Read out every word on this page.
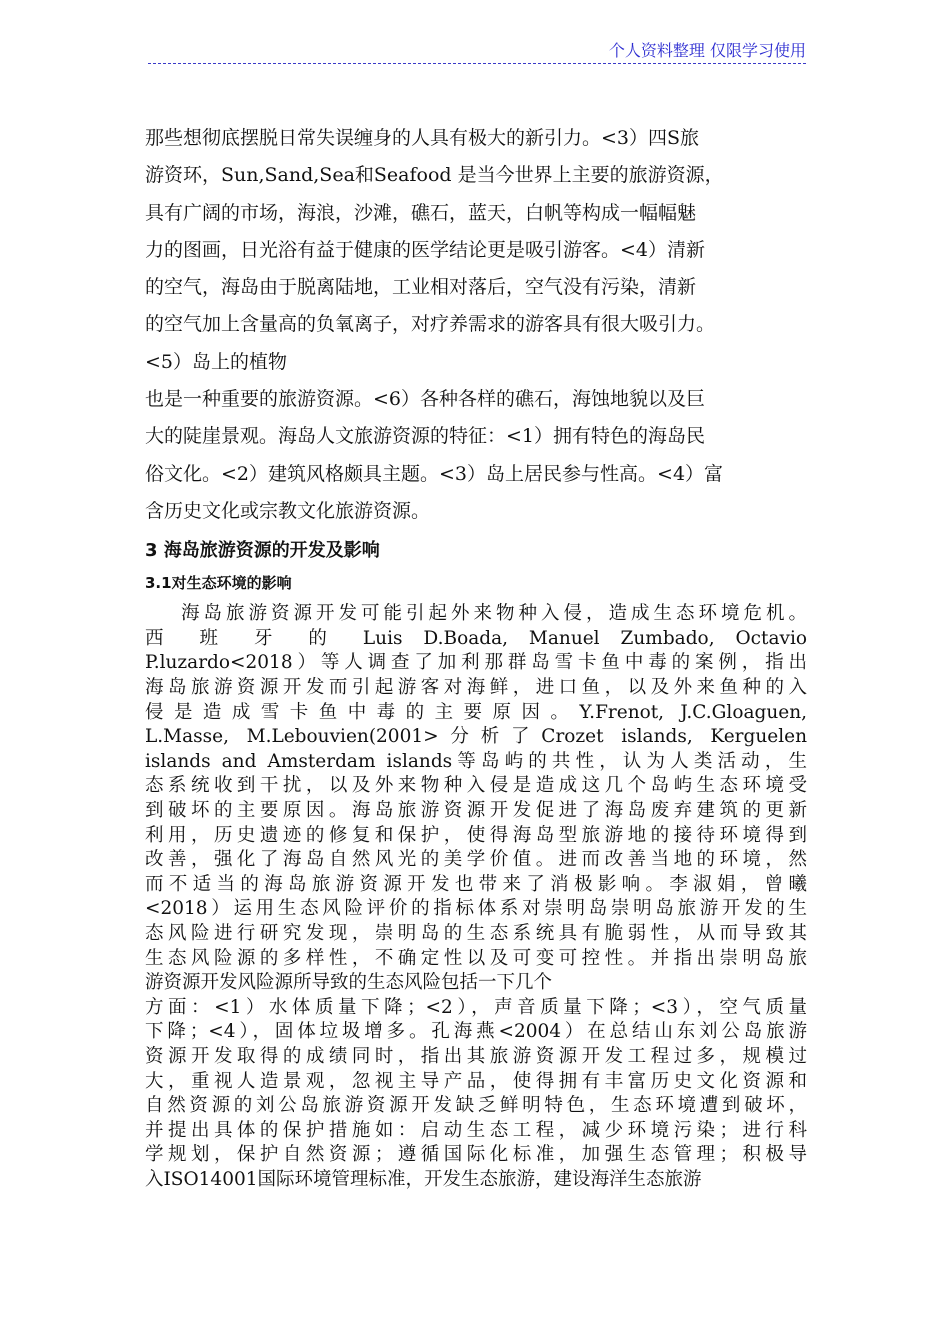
个人资料整理 仅限学习使用

那些想彻底摆脱日常失误缠身的人具有极大的新引力。<3）四S旅
游资环，Sun,Sand,Sea和Seafood 是当今世界上主要的旅游资源，
具有广阔的市场，海浪，沙滩，礁石，蓝天，白帆等构成一幅幅魅
力的图画，日光浴有益于健康的医学结论更是吸引游客。<4）清新
的空气，海岛由于脱离陆地，工业相对落后，空气没有污染，清新
的空气加上含量高的负氧离子，对疗养需求的游客具有很大吸引力。
<5）岛上的植物
也是一种重要的旅游资源。<6）各种各样的礁石，海蚀地貌以及巨
大的陡崖景观。海岛人文旅游资源的特征：<1）拥有特色的海岛民
俗文化。<2）建筑风格颇具主题。<3）岛上居民参与性高。<4）富
含历史文化或宗教文化旅游资源。

3 海岛旅游资源的开发及影响
3.1对生态环境的影响

海岛旅游资源开发可能引起外来物种入侵，造成生态环境危机。
西 班 牙 的 Luis D.Boada, Manuel Zumbado, Octavio
P.luzardo<2018）等人调查了加利那群岛雪卡鱼中毒的案例，指出
海岛旅游资源开发而引起游客对海鲜，进口鱼，以及外来鱼种的入
侵是造成雪卡鱼中毒的主要原因。Y.Frenot, J.C.Gloaguen,
L.Masse, M.Lebouvien(2001>分析了Crozet islands, Kerguelen
islands and Amsterdam islands等岛屿的共性，认为人类活动，生
态系统收到干扰，以及外来物种入侵是造成这几个岛屿生态环境受
到破坏的主要原因。海岛旅游资源开发促进了海岛废弃建筑的更新
利用，历史遗迹的修复和保护，使得海岛型旅游地的接待环境得到
改善，强化了海岛自然风光的美学价值。进而改善当地的环境，然
而不适当的海岛旅游资源开发也带来了消极影响。李淑娟，曾曦
<2018）运用生态风险评价的指标体系对崇明岛崇明岛旅游开发的生
态风险进行研究发现，崇明岛的生态系统具有脆弱性，从而导致其
生态风险源的多样性，不确定性以及可变可控性。并指出崇明岛旅
游资源开发风险源所导致的生态风险包括一下几个
方面：<1）水体质量下降；<2），声音质量下降；<3），空气质量
下降；<4），固体垃圾增多。孔海燕<2004）在总结山东刘公岛旅游
资源开发取得的成绩同时，指出其旅游资源开发工程过多，规模过
大，重视人造景观，忽视主导产品，使得拥有丰富历史文化资源和
自然资源的刘公岛旅游资源开发缺乏鲜明特色，生态环境遭到破坏，
并提出具体的保护措施如：启动生态工程，减少环境污染；进行科
学规划，保护自然资源；遵循国际化标准，加强生态管理；积极导
入ISO14001国际环境管理标准，开发生态旅游，建设海洋生态旅游
